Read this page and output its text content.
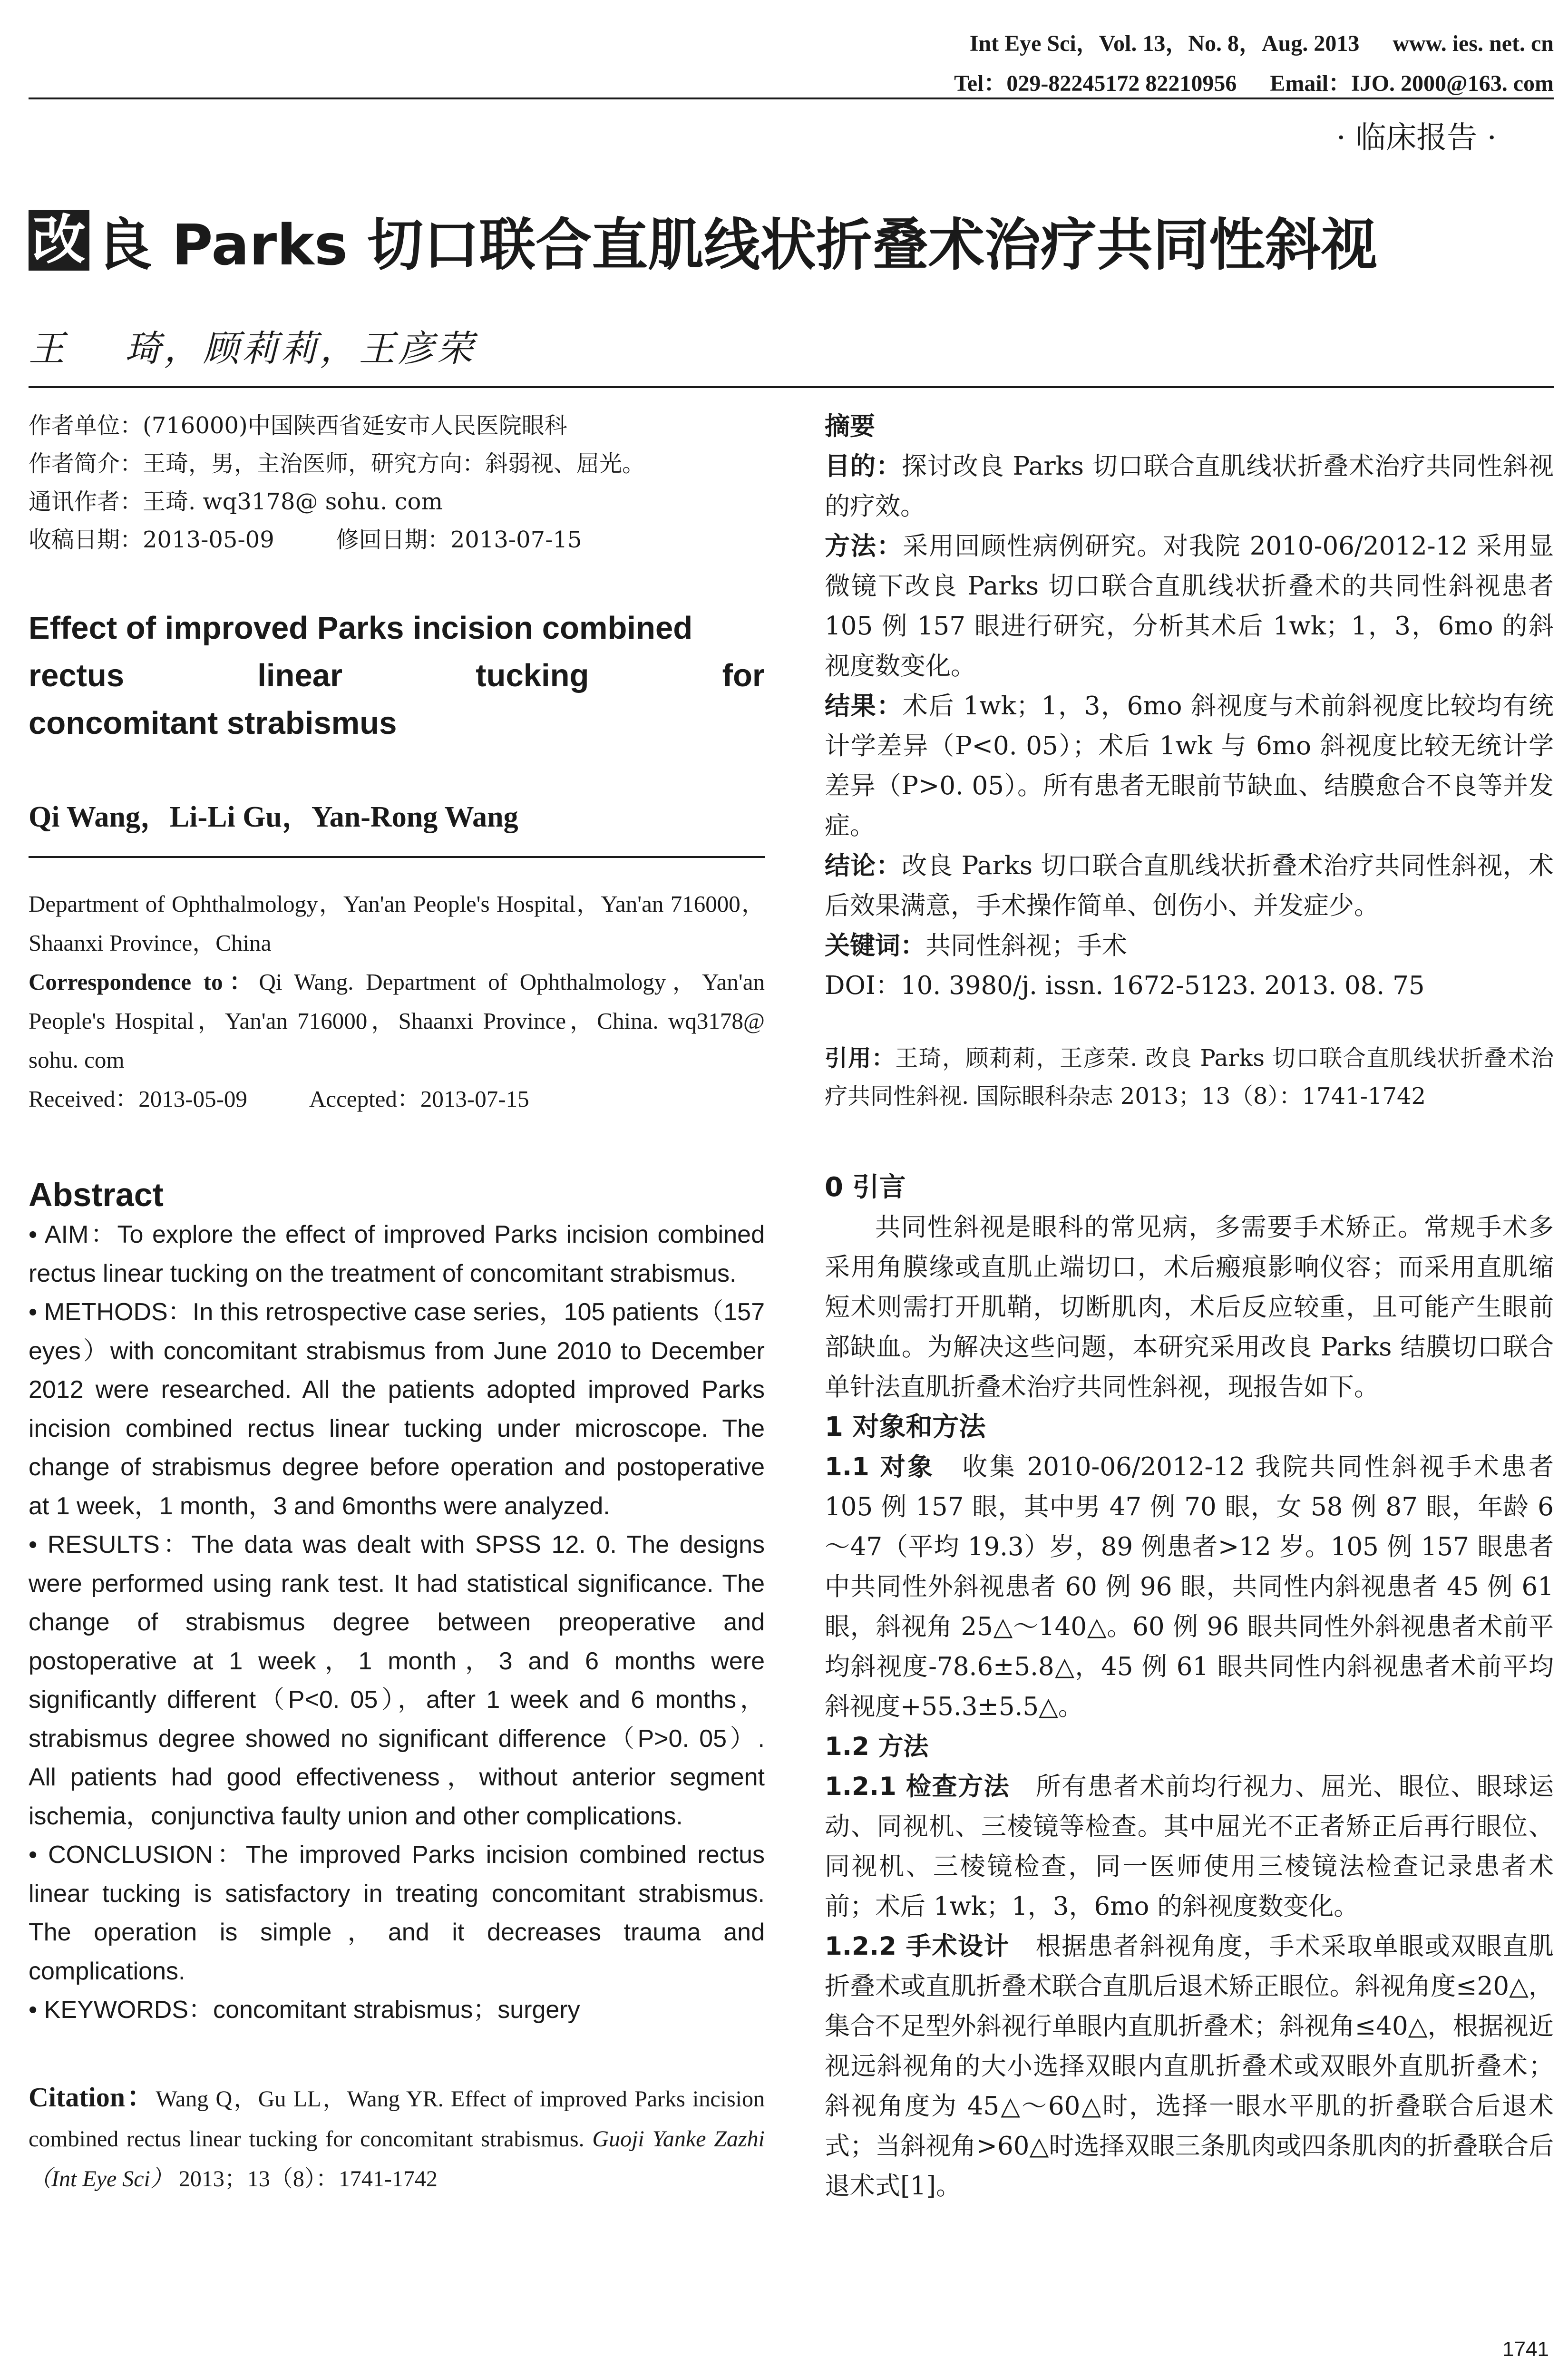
Int Eye Sci，Vol. 13，No. 8，Aug. 2013 www. ies. net. cn
Tel：029-82245172 82210956 Email：IJO. 2000@163. com
· 临床报告 ·
改 良 Parks 切口联合直肌线状折叠术治疗共同性斜视
王    琦，顾莉莉，王彦荣
作者单位：(716000)中国陕西省延安市人民医院眼科
作者简介：王琦，男，主治医师，研究方向：斜弱视、屈光。
通讯作者：王琦. wq3178@ sohu. com
收稿日期：2013-05-09	修回日期：2013-07-15
Effect of improved Parks incision combined
rectus	linear	tucking	for
concomitant strabismus
Qi Wang，Li-Li Gu，Yan-Rong Wang

Department of Ophthalmology，Yan'an People's Hospital，Yan'an 716000，Shaanxi Province，China

Correspondence to：Qi Wang. Department of Ophthalmology，Yan'an People's Hospital，Yan'an 716000，Shaanxi Province，China. wq3178@ sohu. com

Received：2013-05-09	Accepted：2013-07-15

Abstract

• AIM：To explore the effect of improved Parks incision combined rectus linear tucking on the treatment of concomitant strabismus.

• METHODS：In this retrospective case series，105 patients（157 eyes）with concomitant strabismus from June 2010 to December 2012 were researched. All the patients adopted improved Parks incision combined rectus linear tucking under microscope. The change of strabismus degree before operation and postoperative at 1 week，1 month，3 and 6months were analyzed.

• RESULTS：The data was dealt with SPSS 12. 0. The designs were performed using rank test. It had statistical significance. The change of strabismus degree between preoperative and postoperative at 1 week，1 month，3 and 6 months were significantly different（P<0. 05），after 1 week and 6 months，strabismus degree showed no significant difference（P>0. 05）. All patients had good effectiveness，without anterior segment ischemia，conjunctiva faulty union and other complications.

• CONCLUSION：The improved Parks incision combined rectus linear tucking is satisfactory in treating concomitant strabismus. The operation is simple，and it decreases trauma and complications.

• KEYWORDS：concomitant strabismus；surgery

Citation：Wang Q，Gu LL，Wang YR. Effect of improved Parks incision combined rectus linear tucking for concomitant strabismus. Guoji Yanke Zazhi（Int Eye Sci） 2013；13（8）：1741-1742
摘要

目的：探讨改良 Parks 切口联合直肌线状折叠术治疗共同性斜视的疗效。

方法：采用回顾性病例研究。对我院 2010-06/2012-12 采用显微镜下改良 Parks 切口联合直肌线状折叠术的共同性斜视患者 105 例 157 眼进行研究，分析其术后 1wk；1，3，6mo 的斜视度数变化。

结果：术后 1wk；1，3，6mo 斜视度与术前斜视度比较均有统计学差异（P<0. 05）；术后 1wk 与 6mo 斜视度比较无统计学差异（P>0. 05）。所有患者无眼前节缺血、结膜愈合不良等并发症。

结论：改良 Parks 切口联合直肌线状折叠术治疗共同性斜视，术后效果满意，手术操作简单、创伤小、并发症少。

关键词：共同性斜视；手术

DOI：10. 3980/j. issn. 1672-5123. 2013. 08. 75

引用：王琦，顾莉莉，王彦荣. 改良 Parks 切口联合直肌线状折叠术治疗共同性斜视. 国际眼科杂志 2013；13（8）：1741-1742
0 引言

共同性斜视是眼科的常见病，多需要手术矫正。常规手术多采用角膜缘或直肌止端切口，术后瘢痕影响仪容；而采用直肌缩短术则需打开肌鞘，切断肌肉，术后反应较重，且可能产生眼前部缺血。为解决这些问题，本研究采用改良 Parks 结膜切口联合单针法直肌折叠术治疗共同性斜视，现报告如下。

1 对象和方法

1.1 对象　 收集 2010-06/2012-12 我院共同性斜视手术患者 105 例 157 眼，其中男 47 例 70 眼，女 58 例 87 眼，年龄 6～47（平均 19.3）岁，89 例患者>12 岁。105 例 157 眼患者中共同性外斜视患者 60 例 96 眼，共同性内斜视患者 45 例 61 眼，斜视角 25△～140△。60 例 96 眼共同性外斜视患者术前平均斜视度-78.6±5.8△，45 例 61 眼共同性内斜视患者术前平均斜视度+55.3±5.5△。

1.2 方法

1.2.1 检查方法　 所有患者术前均行视力、屈光、眼位、眼球运动、同视机、三棱镜等检查。其中屈光不正者矫正后再行眼位、同视机、三棱镜检查，同一医师使用三棱镜法检查记录患者术前；术后 1wk；1，3，6mo 的斜视度数变化。

1.2.2 手术设计　 根据患者斜视角度，手术采取单眼或双眼直肌折叠术或直肌折叠术联合直肌后退术矫正眼位。斜视角度≤20△，集合不足型外斜视行单眼内直肌折叠术；斜视角≤40△，根据视近视远斜视角的大小选择双眼内直肌折叠术或双眼外直肌折叠术；斜视角度为 45△～60△时，选择一眼水平肌的折叠联合后退术式；当斜视角>60△时选择双眼三条肌肉或四条肌肉的折叠联合后退术式[1]。

1741
